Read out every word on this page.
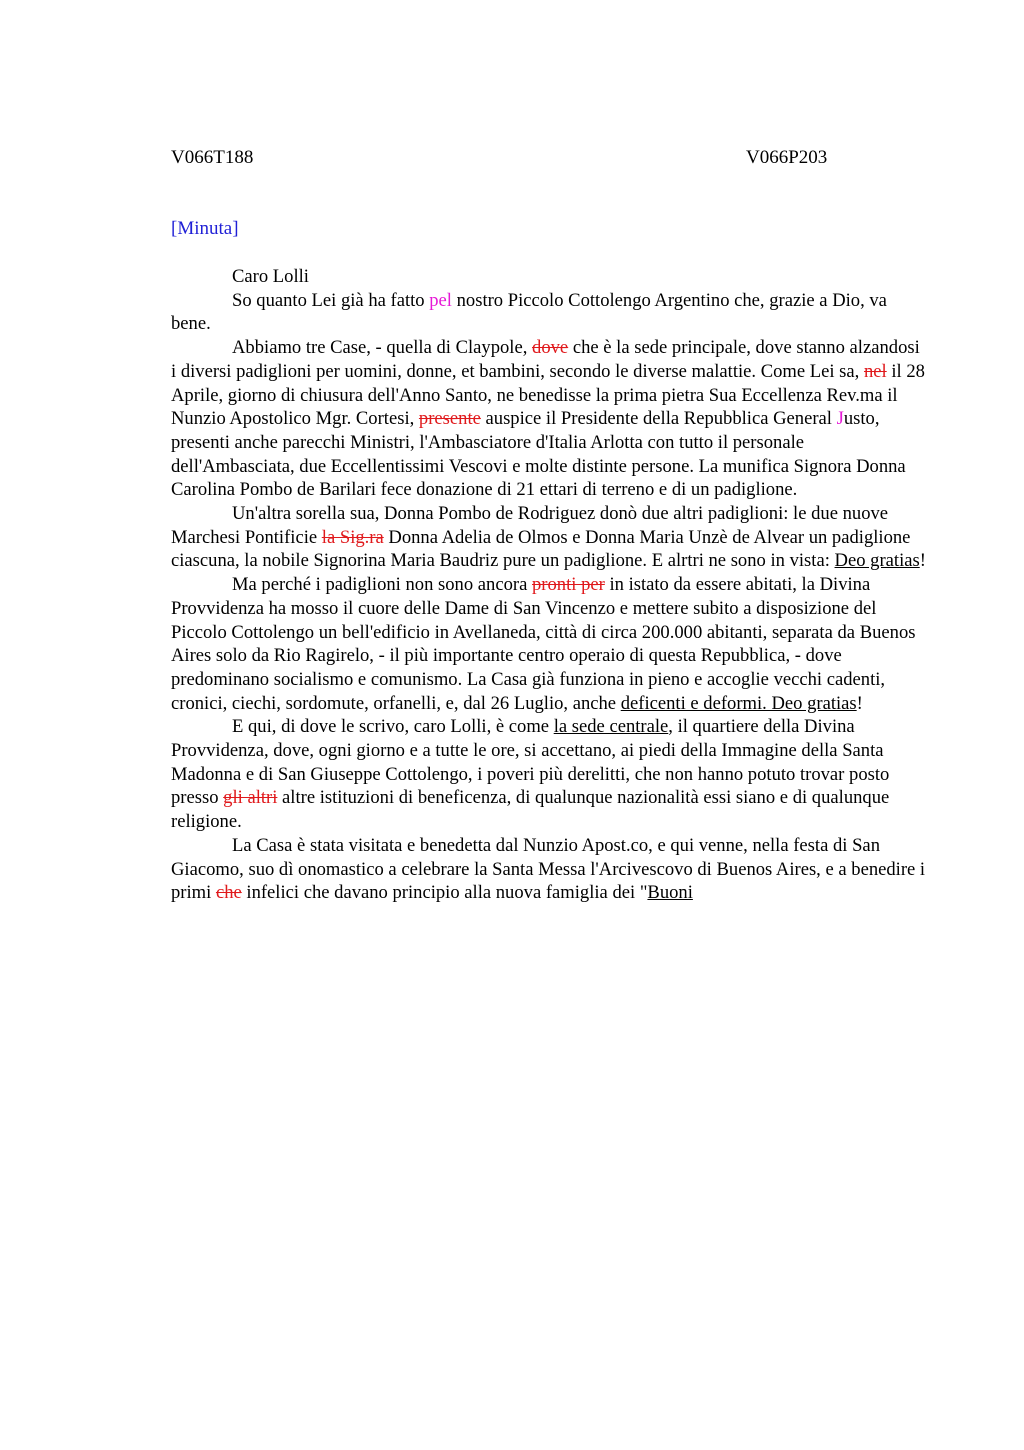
V066T188	V066P203
[Minuta]

Caro Lolli

So quanto Lei già ha fatto pel nostro Piccolo Cottolengo Argentino che, grazie a Dio, va bene.

Abbiamo tre Case, - quella di Claypole, dove che è la sede principale, dove stanno alzandosi i diversi padiglioni per uomini, donne, et bambini, secondo le diverse malattie. Come Lei sa, nel il 28 Aprile, giorno di chiusura dell'Anno Santo, ne benedisse la prima pietra Sua Eccellenza Rev.ma il Nunzio Apostolico Mgr. Cortesi, presente auspice il Presidente della Repubblica General Justo, presenti anche parecchi Ministri, l'Ambasciatore d'Italia Arlotta con tutto il personale dell'Ambasciata, due Eccellentissimi Vescovi e molte distinte persone. La munifica Signora Donna Carolina Pombo de Barilari fece donazione di 21 ettari di terreno e di un padiglione.

Un'altra sorella sua, Donna Pombo de Rodriguez donò due altri padiglioni: le due nuove Marchesi Pontificie la Sig.ra Donna Adelia de Olmos e Donna Maria Unzè de Alvear un padiglione ciascuna, la nobile Signorina Maria Baudriz pure un padiglione. E alrtri ne sono in vista: Deo gratias!

Ma perché i padiglioni non sono ancora pronti per in istato da essere abitati, la Divina Provvidenza ha mosso il cuore delle Dame di San Vincenzo e mettere subito a disposizione del Piccolo Cottolengo un bell'edificio in Avellaneda, città di circa 200.000 abitanti, separata da Buenos Aires solo da Rio Ragirelo, - il più importante centro operaio di questa Repubblica, - dove predominano socialismo e comunismo. La Casa già funziona in pieno e accoglie vecchi cadenti, cronici, ciechi, sordomute, orfanelli, e, dal 26 Luglio, anche deficenti e deformi. Deo gratias!

E qui, di dove le scrivo, caro Lolli, è come la sede centrale, il quartiere della Divina Provvidenza, dove, ogni giorno e a tutte le ore, si accettano, ai piedi della Immagine della Santa Madonna e di San Giuseppe Cottolengo, i poveri più derelitti, che non hanno potuto trovar posto presso gli altri altre istituzioni di beneficenza, di qualunque nazionalità essi siano e di qualunque religione.

La Casa è stata visitata e benedetta dal Nunzio Apost.co, e qui venne, nella festa di San Giacomo, suo dì onomastico a celebrare la Santa Messa l'Arcivescovo di Buenos Aires, e a benedire i primi che infelici che davano principio alla nuova famiglia dei "Buoni
